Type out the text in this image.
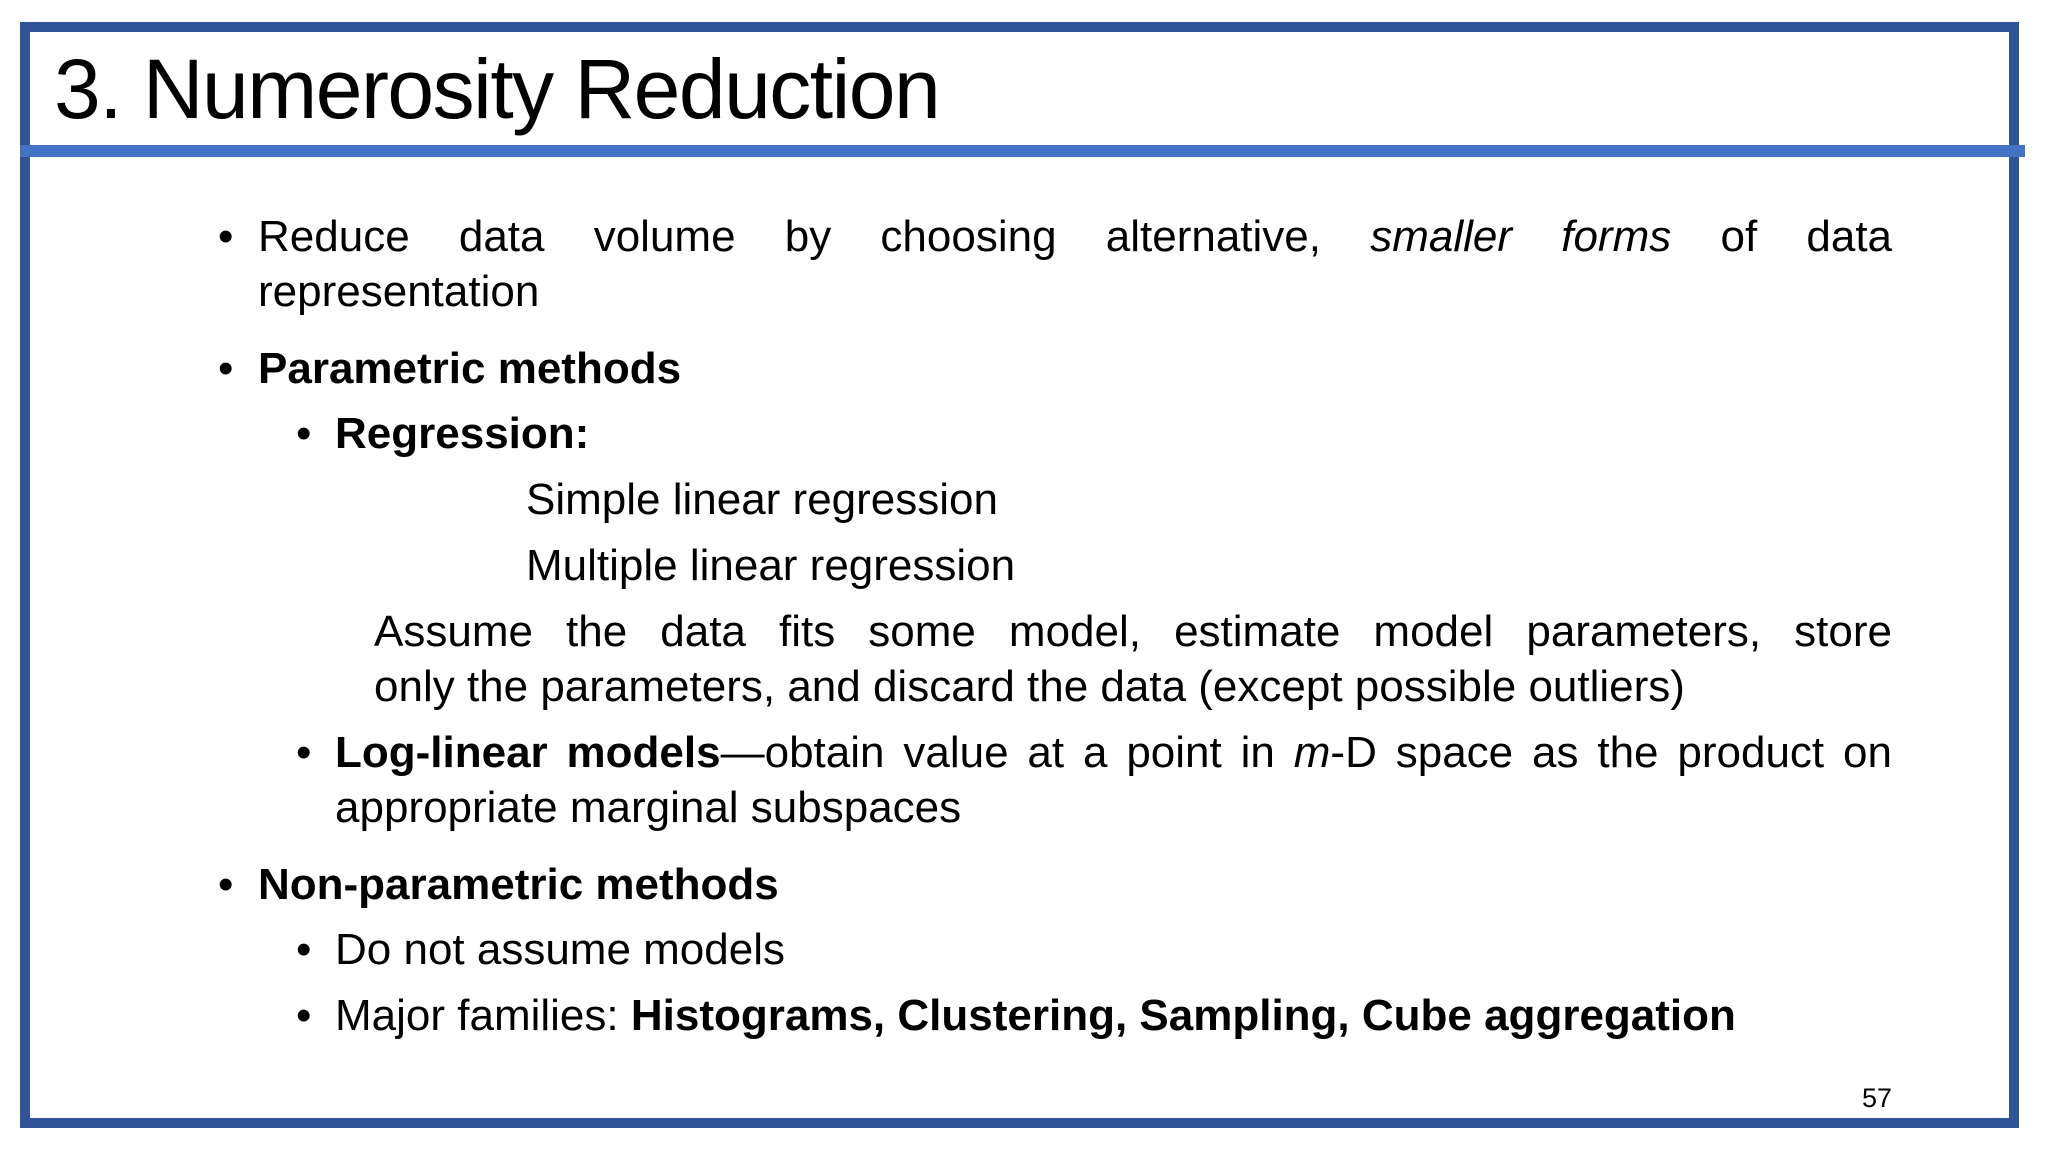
3. Numerosity Reduction
• Reduce data volume by choosing alternative, smaller forms of data
representation
• Parametric methods
• Regression:
Simple linear regression
Multiple linear regression
Assume the data fits some model, estimate model parameters, store
only the parameters, and discard the data (except possible outliers)
• Log-linear models—obtain value at a point in m-D space as the product on
appropriate marginal subspaces
• Non-parametric methods
• Do not assume models
• Major families: Histograms, Clustering, Sampling, Cube aggregation
57
